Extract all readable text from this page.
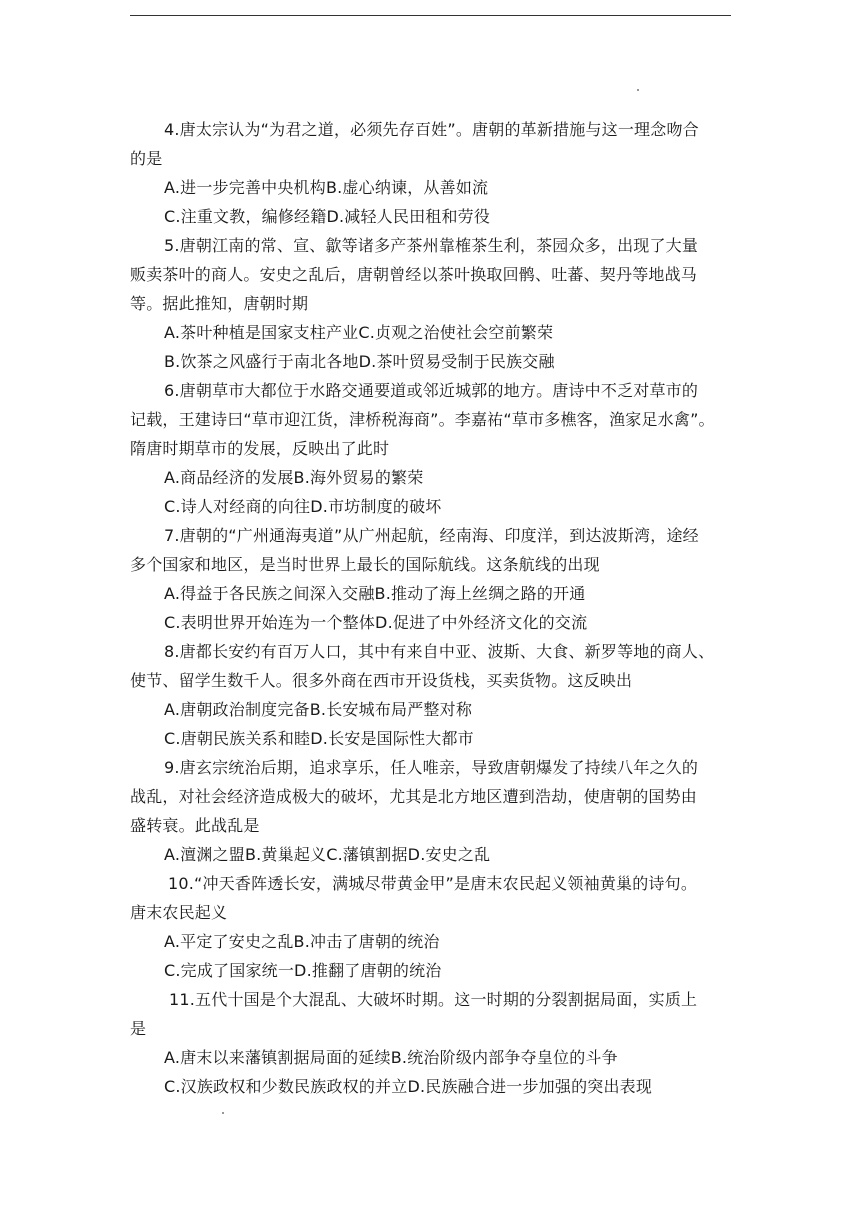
4.唐太宗认为“为君之道，必须先存百姓”。唐朝的革新措施与这一理念吻合
的是
A.进一步完善中央机构B.虚心纳谏，从善如流
C.注重文教，编修经籍D.减轻人民田租和劳役
5.唐朝江南的常、宣、歙等诸多产茶州靠榷茶生利，茶园众多，出现了大量
贩卖茶叶的商人。安史之乱后，唐朝曾经以茶叶换取回鹘、吐蕃、契丹等地战马
等。据此推知，唐朝时期
A.茶叶种植是国家支柱产业C.贞观之治使社会空前繁荣
B.饮茶之风盛行于南北各地D.茶叶贸易受制于民族交融
6.唐朝草市大都位于水路交通要道或邻近城郭的地方。唐诗中不乏对草市的
记载，王建诗曰“草市迎江货，津桥税海商”。李嘉祐“草市多樵客，渔家足水禽”。
隋唐时期草市的发展，反映出了此时
A.商品经济的发展B.海外贸易的繁荣
C.诗人对经商的向往D.市坊制度的破坏
7.唐朝的“广州通海夷道”从广州起航，经南海、印度洋，到达波斯湾，途经
多个国家和地区，是当时世界上最长的国际航线。这条航线的出现
A.得益于各民族之间深入交融B.推动了海上丝绸之路的开通
C.表明世界开始连为一个整体D.促进了中外经济文化的交流
8.唐都长安约有百万人口，其中有来自中亚、波斯、大食、新罗等地的商人、
使节、留学生数千人。很多外商在西市开设货栈，买卖货物。这反映出
A.唐朝政治制度完备B.长安城布局严整对称
C.唐朝民族关系和睦D.长安是国际性大都市
9.唐玄宗统治后期，追求享乐，任人唯亲，导致唐朝爆发了持续八年之久的
战乱，对社会经济造成极大的破坏，尤其是北方地区遭到浩劫，使唐朝的国势由
盛转衰。此战乱是
A.澶渊之盟B.黄巢起义C.藩镇割据D.安史之乱
10.“冲天香阵透长安，满城尽带黄金甲”是唐末农民起义领袖黄巢的诗句。
唐末农民起义
A.平定了安史之乱B.冲击了唐朝的统治
C.完成了国家统一D.推翻了唐朝的统治
11.五代十国是个大混乱、大破坏时期。这一时期的分裂割据局面，实质上
是
A.唐末以来藩镇割据局面的延续B.统治阶级内部争夺皇位的斗争
C.汉族政权和少数民族政权的并立D.民族融合进一步加强的突出表现
